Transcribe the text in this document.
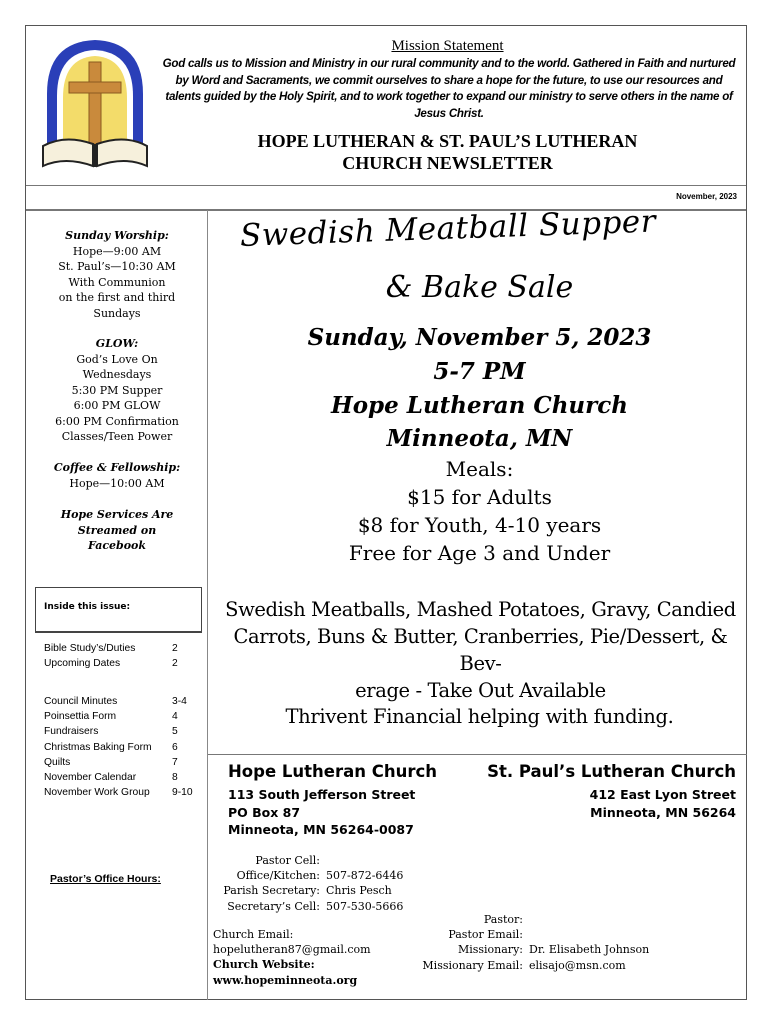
Mission Statement
God calls us to Mission and Ministry in our rural community and to the world. Gathered in Faith and nurtured by Word and Sacraments, we commit ourselves to share a hope for the future, to use our resources and talents guided by the Holy Spirit, and to work together to expand our ministry to serve others in the name of Jesus Christ.
HOPE LUTHERAN & ST. PAUL’S LUTHERAN
CHURCH NEWSLETTER
November, 2023
Sunday Worship:
Hope—9:00 AM
St. Paul’s—10:30 AM
With Communion
on the first and third
Sundays
GLOW:
God’s Love On
Wednesdays
5:30 PM Supper
6:00 PM GLOW
6:00 PM Confirmation
Classes/Teen Power
Coffee & Fellowship:
Hope—10:00 AM
Hope Services Are
Streamed on
Facebook
Inside this issue:
Bible Study’s/Duties	2
Upcoming Dates	2
Council Minutes	3-4
Poinsettia Form	4
Fundraisers	5
Christmas Baking Form 6
Quilts	7
November Calendar	8
November Work Group 9-10
Pastor’s Office Hours:
Swedish Meatball Supper
& Bake Sale
Sunday, November 5, 2023
5-7 PM
Hope Lutheran Church
Minneota, MN
Meals:
$15 for Adults
$8 for Youth, 4-10 years
Free for Age 3 and Under
Swedish Meatballs, Mashed Potatoes, Gravy, Candied
Carrots, Buns & Butter, Cranberries, Pie/Dessert, & Bev-
erage - Take Out Available
Thrivent Financial helping with funding.
Hope Lutheran Church	St. Paul’s Lutheran Church
113 South Jefferson Street
PO Box 87
Minneota, MN 56264-0087
412 East Lyon Street
Minneota, MN 56264
Pastor Cell:
Office/Kitchen: 507-872-6446
Parish Secretary: Chris Pesch
Secretary’s Cell: 507-530-5666
Church Email:
hopelutheran87@gmail.com
Church Website:
www.hopeminneota.org
Pastor:
Pastor Email:
Missionary: Dr. Elisabeth Johnson
Missionary Email: elisajo@msn.com
